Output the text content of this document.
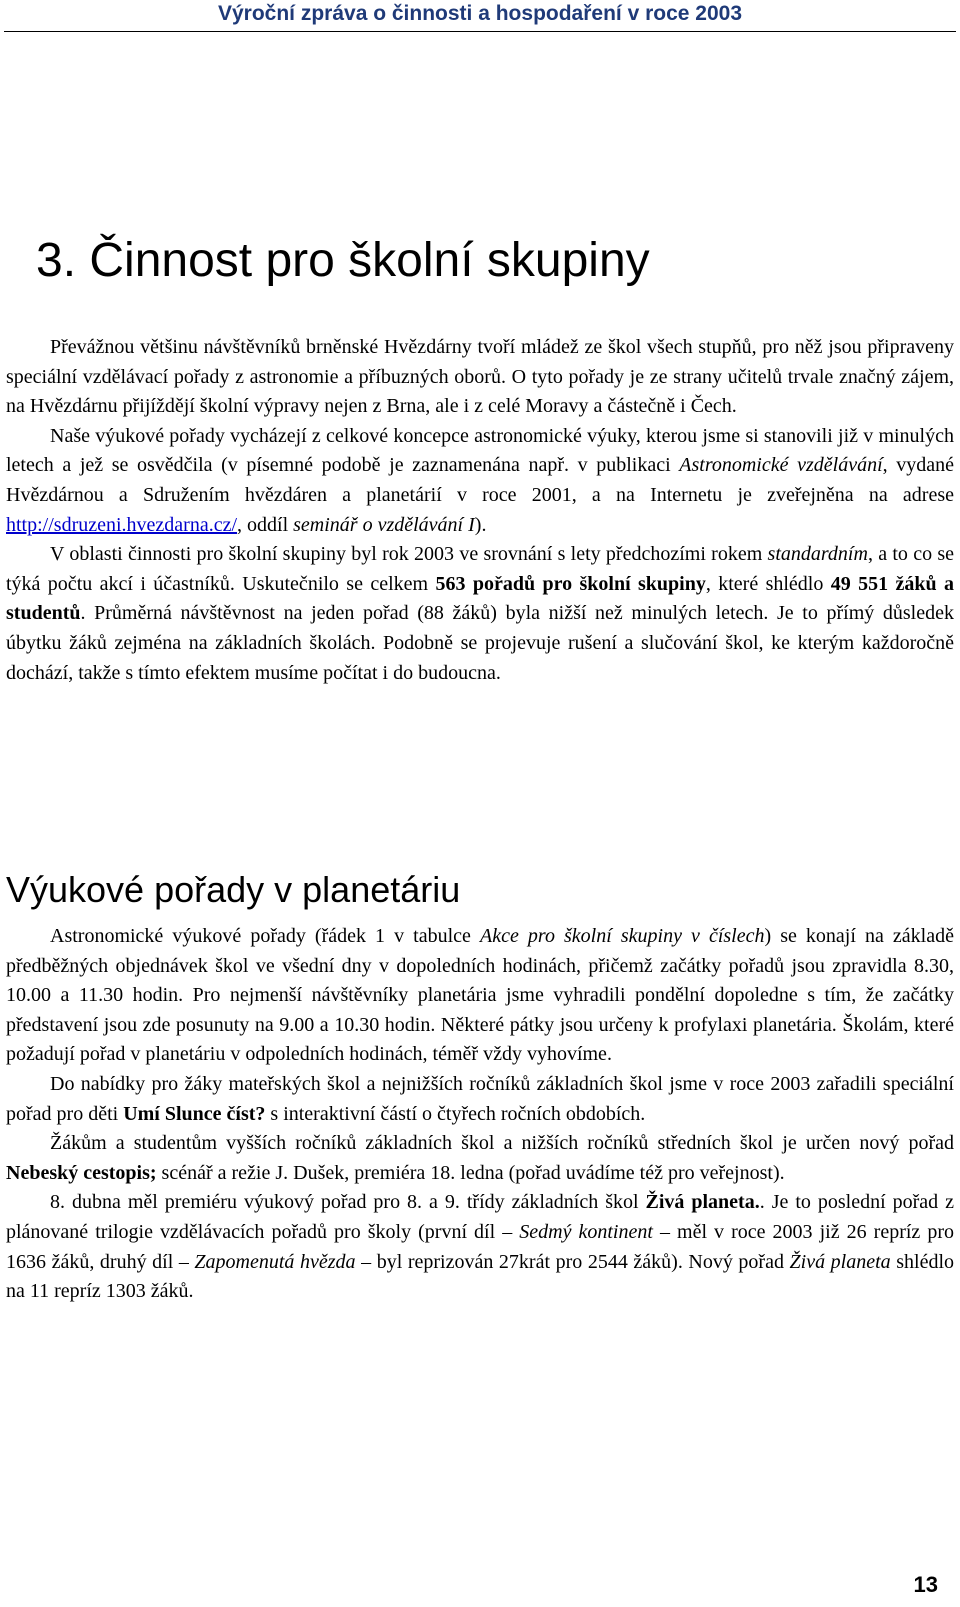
Výroční zpráva o činnosti a hospodaření v roce 2003
3. Činnost pro školní skupiny

Převážnou většinu návštěvníků brněnské Hvězdárny tvoří mládež ze škol všech stupňů, pro něž jsou připraveny speciální vzdělávací pořady z astronomie a příbuzných oborů. O tyto pořady je ze strany učitelů trvale značný zájem, na Hvězdárnu přijíždějí školní výpravy nejen z Brna, ale i z celé Moravy a částečně i Čech.

Naše výukové pořady vycházejí z celkové koncepce astronomické výuky, kterou jsme si stanovili již v minulých letech a jež se osvědčila (v písemné podobě je zaznamenána např. v publikaci Astronomické vzdělávání, vydané Hvězdárnou a Sdružením hvězdáren a planetárií v roce 2001, a na Internetu je zveřejněna na adrese http://sdruzeni.hvezdarna.cz/, oddíl seminář o vzdělávání I).

V oblasti činnosti pro školní skupiny byl rok 2003 ve srovnání s lety předchozími rokem standardním, a to co se týká počtu akcí i účastníků. Uskutečnilo se celkem 563 pořadů pro školní skupiny, které shlédlo 49 551 žáků a studentů. Průměrná návštěvnost na jeden pořad (88 žáků) byla nižší než minulých letech. Je to přímý důsledek úbytku žáků zejména na základních školách. Podobně se projevuje rušení a slučování škol, ke kterým každoročně dochází, takže s tímto efektem musíme počítat i do budoucna.

Výukové pořady v planetáriu

Astronomické výukové pořady (řádek 1 v tabulce Akce pro školní skupiny v číslech) se konají na základě předběžných objednávek škol ve všední dny v dopoledních hodinách, přičemž začátky pořadů jsou zpravidla 8.30, 10.00 a 11.30 hodin. Pro nejmenší návštěvníky planetária jsme vyhradili pondělní dopoledne s tím, že začátky představení jsou zde posunuty na 9.00 a 10.30 hodin. Některé pátky jsou určeny k profylaxi planetária. Školám, které požadují pořad v planetáriu v odpoledních hodinách, téměř vždy vyhovíme.

Do nabídky pro žáky mateřských škol a nejnižších ročníků základních škol jsme v roce 2003 zařadili speciální pořad pro děti Umí Slunce číst? s interaktivní částí o čtyřech ročních obdobích.

Žákům a studentům vyšších ročníků základních škol a nižších ročníků středních škol je určen nový pořad Nebeský cestopis; scénář a režie J. Dušek, premiéra 18. ledna (pořad uvádíme též pro veřejnost).

8. dubna měl premiéru výukový pořad pro 8. a 9. třídy základních škol Živá planeta.. Je to poslední pořad z plánované trilogie vzdělávacích pořadů pro školy (první díl – Sedmý kontinent – měl v roce 2003 již 26 repríz pro 1636 žáků, druhý díl – Zapomenutá hvězda – byl reprizován 27krát pro 2544 žáků). Nový pořad Živá planeta shlédlo na 11 repríz 1303 žáků.

13
